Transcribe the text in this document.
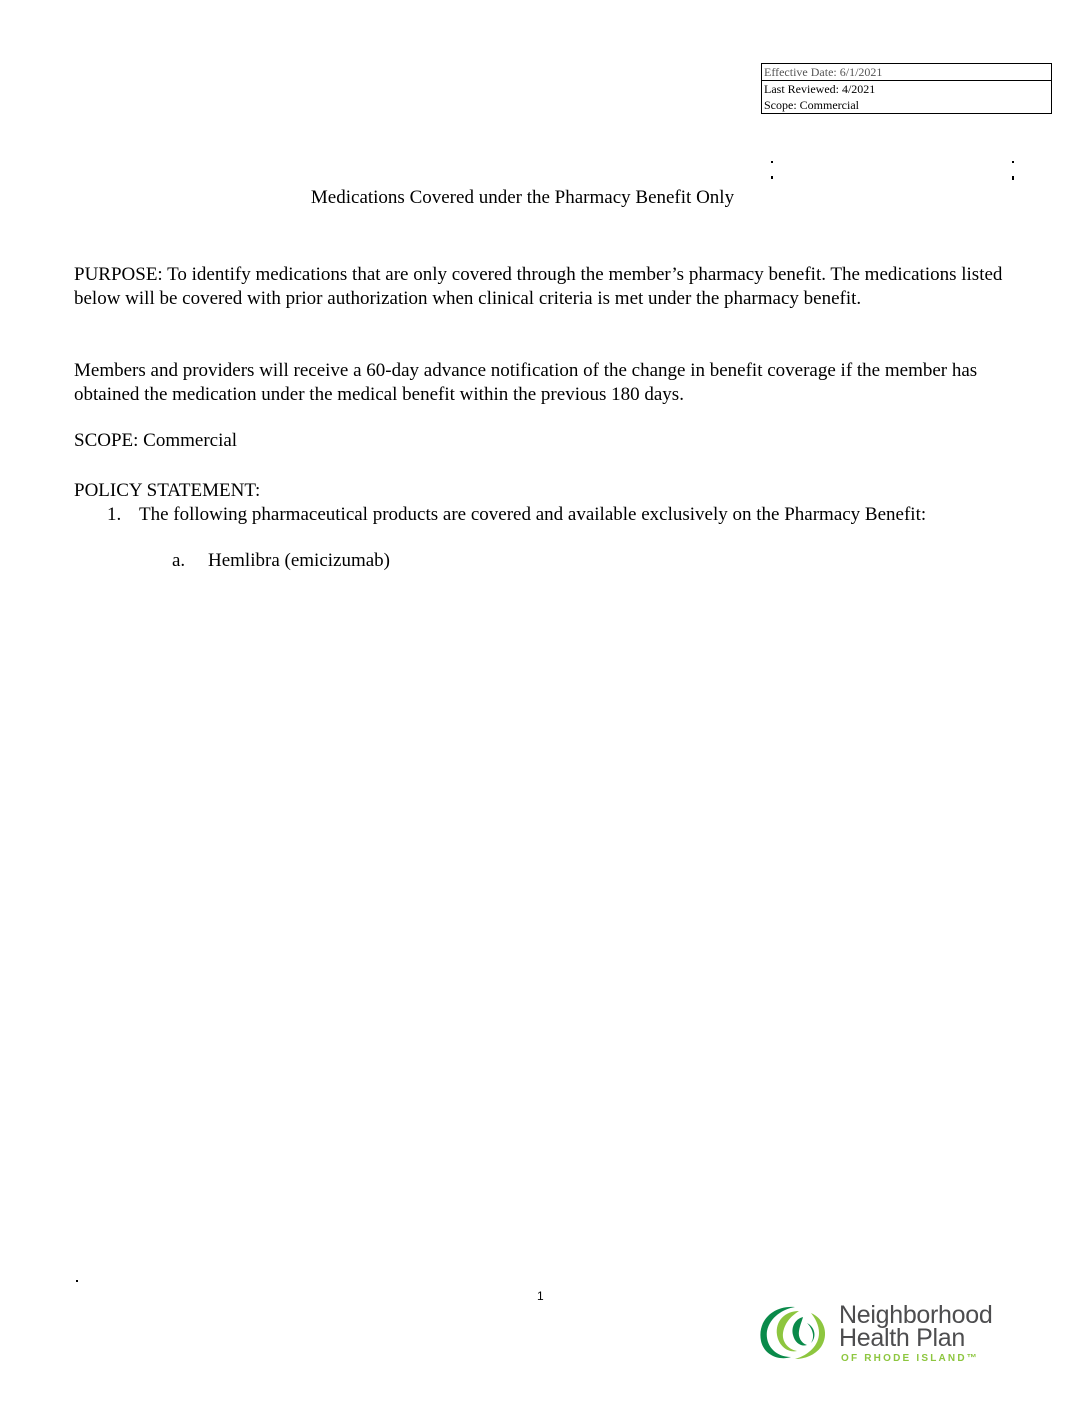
Effective Date: 6/1/2021
Last Reviewed: 4/2021
Scope: Commercial
Medications Covered under the Pharmacy Benefit Only
PURPOSE: To identify medications that are only covered through the member’s pharmacy benefit. The medications listed below will be covered with prior authorization when clinical criteria is met under the pharmacy benefit.
Members and providers will receive a 60-day advance notification of the change in benefit coverage if the member has obtained the medication under the medical benefit within the previous 180 days.
SCOPE: Commercial
POLICY STATEMENT:
1. The following pharmaceutical products are covered and available exclusively on the Pharmacy Benefit:
a. Hemlibra (emicizumab)
1
Neighborhood
Health Plan
OF RHODE ISLAND™
